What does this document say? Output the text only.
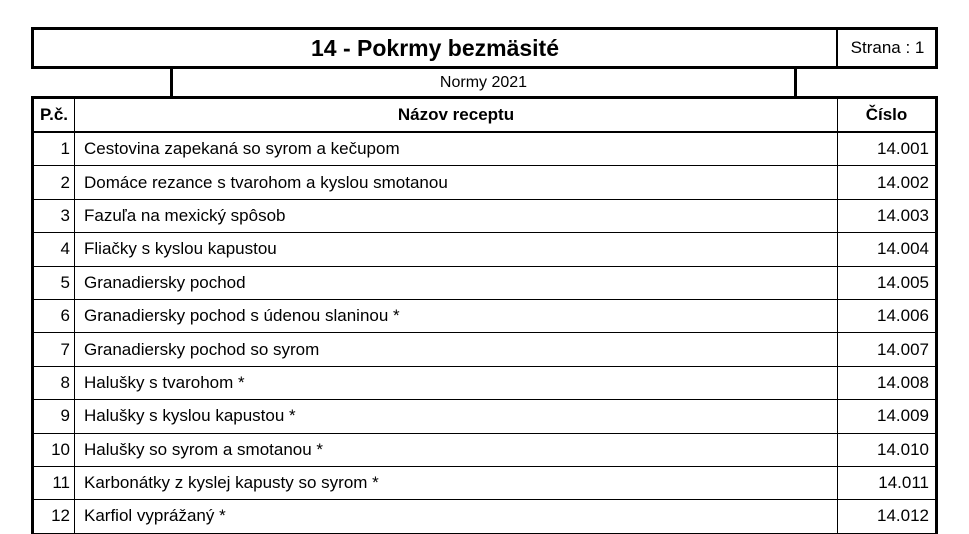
14 - Pokrmy bezmäsité	Strana : 1
Normy 2021
P.č.	Názov receptu	Číslo
1 Cestovina zapekaná so syrom a kečupom	14.001
2 Domáce rezance s tvarohom a kyslou smotanou	14.002
3 Fazuľa na mexický spôsob	14.003
4 Fliačky s kyslou kapustou	14.004
5 Granadiersky pochod	14.005
6 Granadiersky pochod s údenou slaninou *	14.006
7 Granadiersky pochod so syrom	14.007
8 Halušky s tvarohom *	14.008
9 Halušky s kyslou kapustou *	14.009
10 Halušky so syrom a smotanou *	14.010
11 Karbonátky z kyslej kapusty so syrom *	14.011
12 Karfiol vyprážaný *	14.012
